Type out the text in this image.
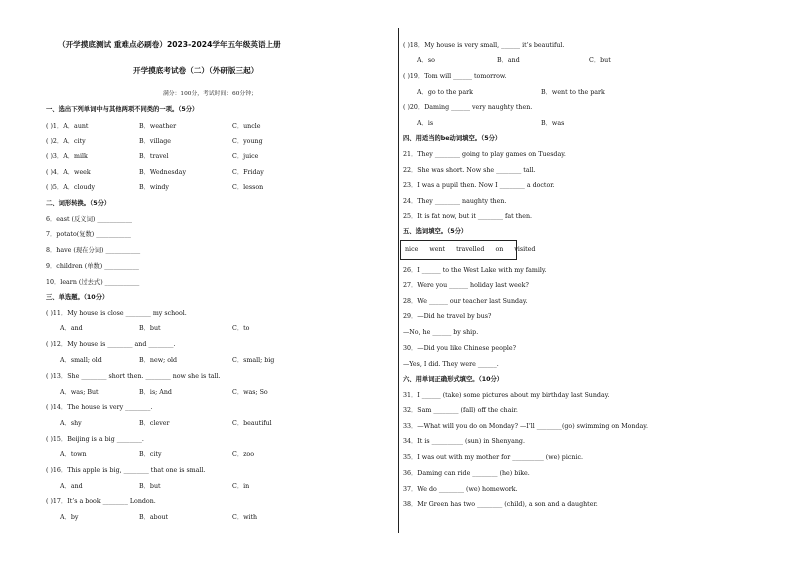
（开学摸底测试 重难点必刷卷）2023-2024学年五年级英语上册
开学摸底考试卷（二）（外研版三起）
满分：100分，考试时间：60分钟；
一、选出下列单词中与其他两项不同类的一项。（5分）
( )1．A．aunt	B．weather	C．uncle
( )2．A．city	B．village	C．young
( )3．A．milk	B．travel	C．juice
( )4．A．week	B．Wednesday	C．Friday
( )5．A．cloudy	B．windy	C．lesson
二、词形转换。（5分）
6．east (反义词) ___________
7．potato(复数) ___________
8．have (现在分词) ___________
9．children (单数) ___________
10．learn (过去式) ___________
三、单选题。（10分）
( )11．My house is close ________ my school.
A．and	B．but	C．to
( )12．My house is ________ and ________.
A．small; old	B．new; old	C．small; big
( )13．She ________ short then. ________ now she is tall.
A．was; But	B．is; And	C．was; So
( )14．The house is very ________.
A．shy	B．clever	C．beautiful
( )15．Beijing is a big ________.
A．town	B．city	C．zoo
( )16．This apple is big, ________ that one is small.
A．and	B．but	C．in
( )17．It’s a book ________ London.
A．by	B．about	C．with
( )18．My house is very small, ______ it’s beautiful.
A．so	B．and	C．but
( )19．Tom will ______ tomorrow.
A．go to the park	B．went to the park
( )20．Daming ______ very naughty then.
A．is	B．was
四、用适当的be动词填空。（5分）
21．They ________ going to play games on Tuesday.
22．She was short. Now she ________ tall.
23．I was a pupil then. Now I ________ a doctor.
24．They ________ naughty then.
25．It is fat now, but it ________ fat then.
五、选词填空。（5分）
nice went travelled on visited
26．I ______ to the West Lake with my family.
27．Were you ______ holiday last week?
28．We ______ our teacher last Sunday.
29．—Did he travel by bus?
—No, he ______ by ship.
30．—Did you like Chinese people?
—Yes, I did. They were ______.
六、用单词正确形式填空。（10分）
31．I ______ (take) some pictures about my birthday last Sunday.
32．Sam ________ (fall) off the chair.
33．—What will you do on Monday? —I’ll ________(go) swimming on Monday.
34．It is __________ (sun) in Shenyang.
35．I was out with my mother for __________ (we) picnic.
36．Daming can ride ________ (he) bike.
37．We do ________ (we) homework.
38．Mr Green has two ________ (child), a son and a daughter.
